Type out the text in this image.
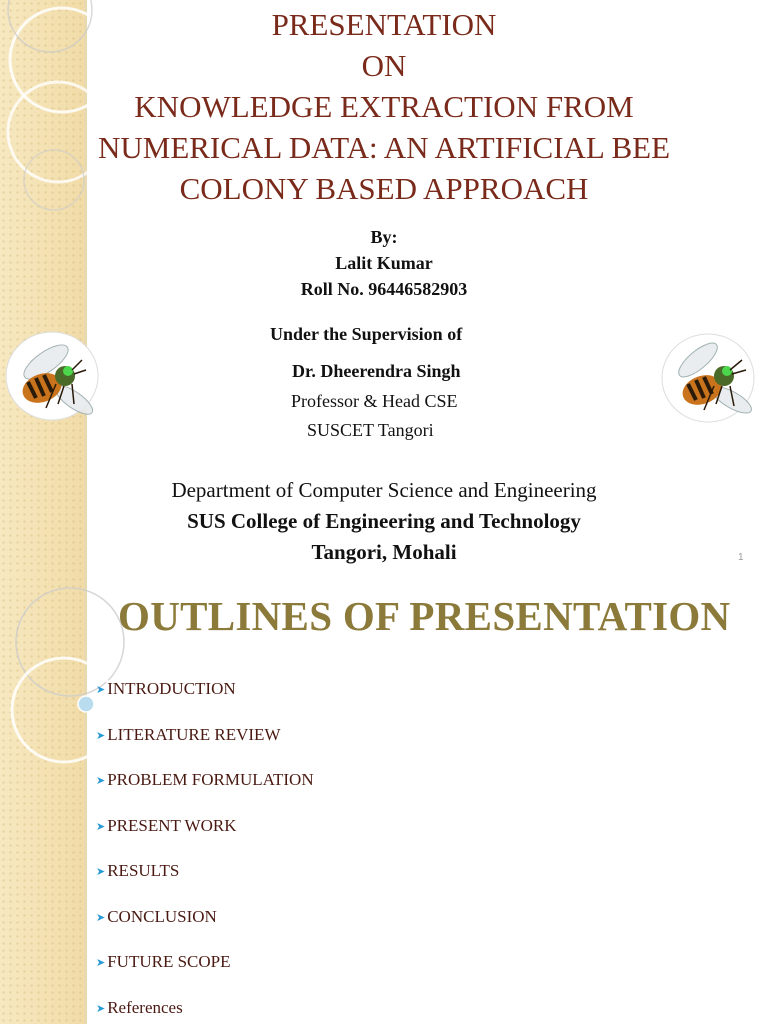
PRESENTATION
ON
KNOWLEDGE EXTRACTION FROM
NUMERICAL DATA: AN ARTIFICIAL BEE
COLONY BASED APPROACH
By:
Lalit Kumar
Roll No. 96446582903
Under the Supervision of
Dr. Dheerendra Singh
Professor & Head CSE
SUSCET Tangori
Department of Computer Science and Engineering
SUS College of Engineering and Technology
Tangori, Mohali	1
OUTLINES OF PRESENTATION
➤ INTRODUCTION
➤ LITERATURE REVIEW
➤ PROBLEM FORMULATION
➤ PRESENT WORK
➤ RESULTS
➤ CONCLUSION
➤ FUTURE SCOPE
➤ References
